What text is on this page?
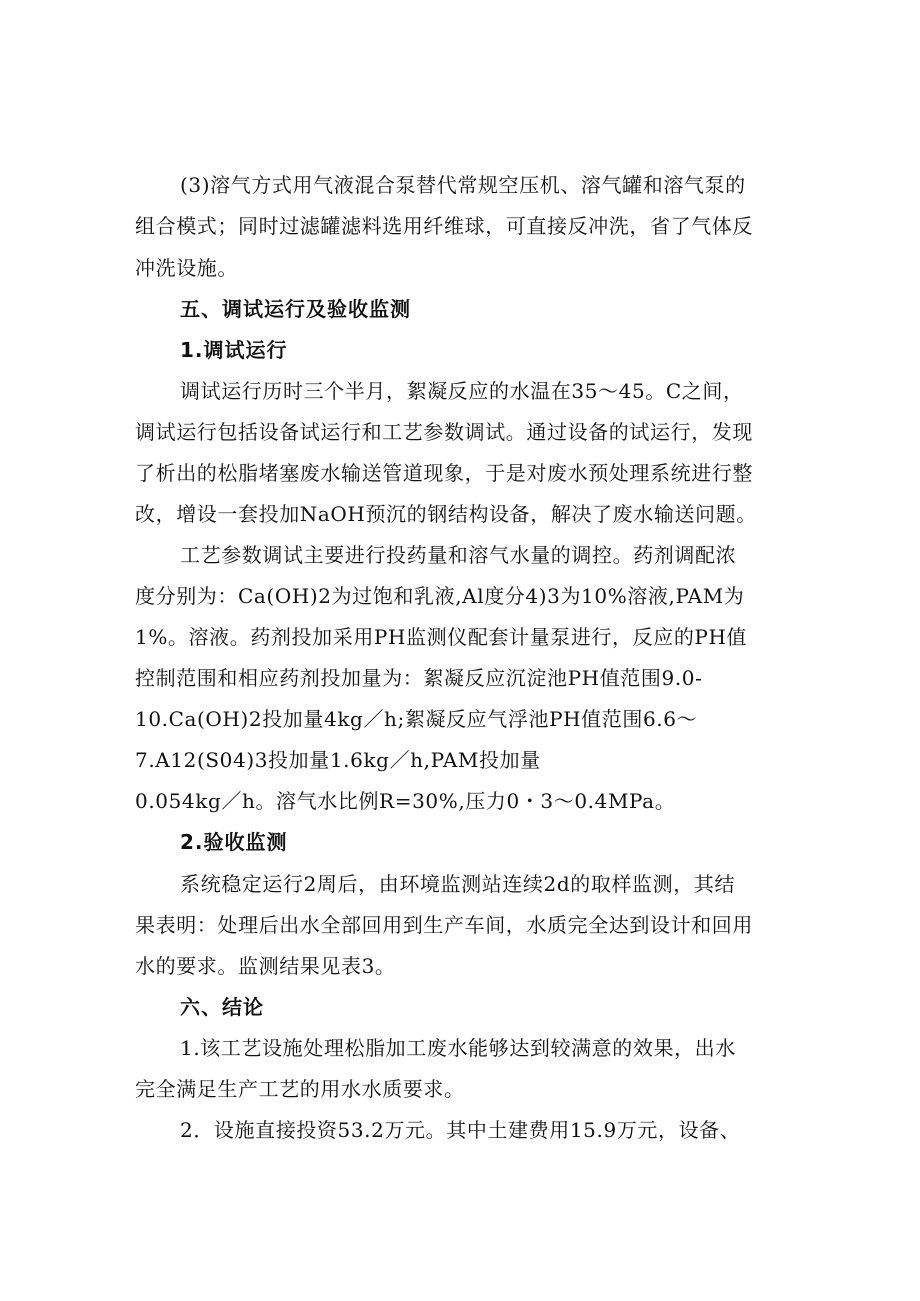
(3)溶气方式用气液混合泵替代常规空压机、溶气罐和溶气泵的
组合模式；同时过滤罐滤料选用纤维球，可直接反冲洗，省了气体反
冲洗设施。
五、调试运行及验收监测
1.调试运行
调试运行历时三个半月，絮凝反应的水温在35～45。C之间，
调试运行包括设备试运行和工艺参数调试。通过设备的试运行，发现
了析出的松脂堵塞废水输送管道现象，于是对废水预处理系统进行整
改，增设一套投加NaOH预沉的钢结构设备，解决了废水输送问题。
工艺参数调试主要进行投药量和溶气水量的调控。药剂调配浓
度分别为：Ca(OH)2为过饱和乳液,Al度分4)3为10%溶液,PAM为
1%。溶液。药剂投加采用PH监测仪配套计量泵进行，反应的PH值
控制范围和相应药剂投加量为：絮凝反应沉淀池PH值范围9.0-
10.Ca(OH)2投加量4kg／h;絮凝反应气浮池PH值范围6.6～
7.A12(S04)3投加量1.6kg／h,PAM投加量
0.054kg／h。溶气水比例R=30%,压力0・3～0.4MPa。
2.验收监测
系统稳定运行2周后，由环境监测站连续2d的取样监测，其结
果表明：处理后出水全部回用到生产车间，水质完全达到设计和回用
水的要求。监测结果见表3。
六、结论
1.该工艺设施处理松脂加工废水能够达到较满意的效果，出水
完全满足生产工艺的用水水质要求。
2．设施直接投资53.2万元。其中土建费用15.9万元，设备、
